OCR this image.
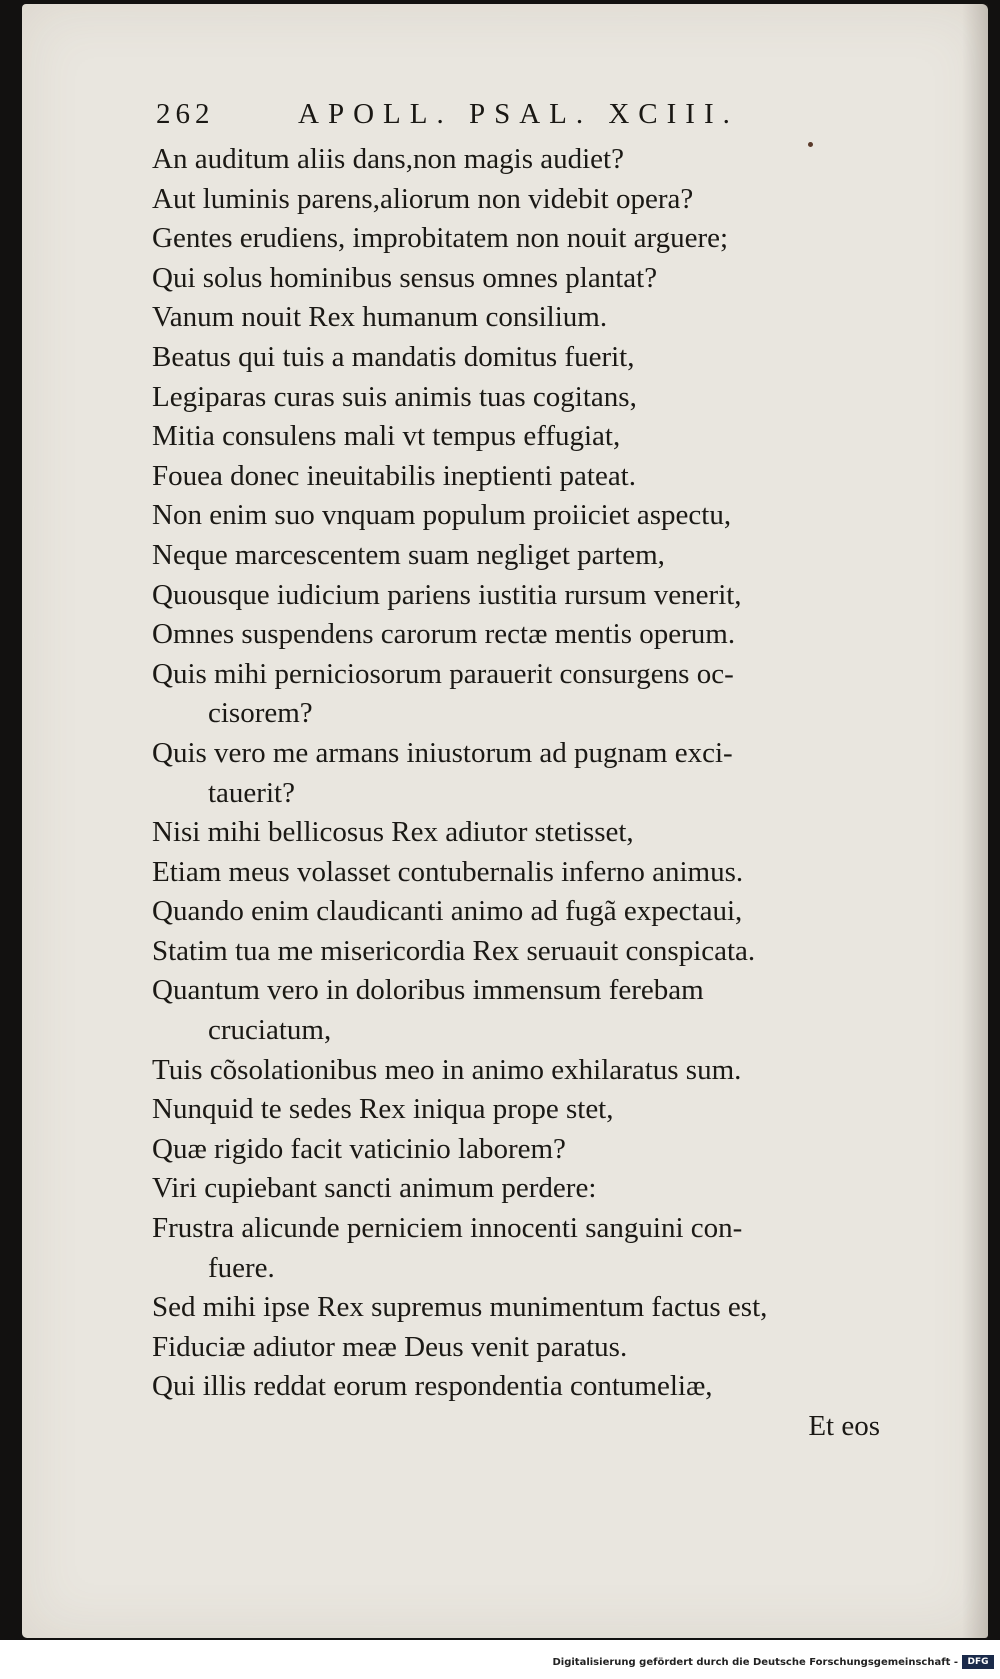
262	APOLL. PSAL. XCIII.
An auditum aliis dans,non magis audiet?
Aut luminis parens,aliorum non videbit opera?
Gentes erudiens, improbitatem non nouit arguere;
Qui solus hominibus sensus omnes plantat?
Vanum nouit Rex humanum consilium.
Beatus qui tuis a mandatis domitus fuerit,
Legiparas curas suis animis tuas cogitans,
Mitia consulens mali vt tempus effugiat,
Fouea donec ineuitabilis ineptienti pateat.
Non enim suo vnquam populum proiiciet aspectu,
Neque marcescentem suam negliget partem,
Quousque iudicium pariens iustitia rursum venerit,
Omnes suspendens carorum rectæ mentis operum.
Quis mihi perniciosorum parauerit consurgens oc-
cisorem?
Quis vero me armans iniustorum ad pugnam exci-
tauerit?
Nisi mihi bellicosus Rex adiutor stetisset,
Etiam meus volasset contubernalis inferno animus.
Quando enim claudicanti animo ad fugã expectaui,
Statim tua me misericordia Rex seruauit conspicata.
Quantum vero in doloribus immensum ferebam
cruciatum,
Tuis cõsolationibus meo in animo exhilaratus sum.
Nunquid te sedes Rex iniqua prope stet,
Quæ rigido facit vaticinio laborem?
Viri cupiebant sancti animum perdere:
Frustra alicunde perniciem innocenti sanguini con-
fuere.
Sed mihi ipse Rex supremus munimentum factus est,
Fiduciæ adiutor meæ Deus venit paratus.
Qui illis reddat eorum respondentia contumeliæ,
Et eos
Digitalisierung gefördert durch die Deutsche Forschungsgemeinschaft -	DFG
